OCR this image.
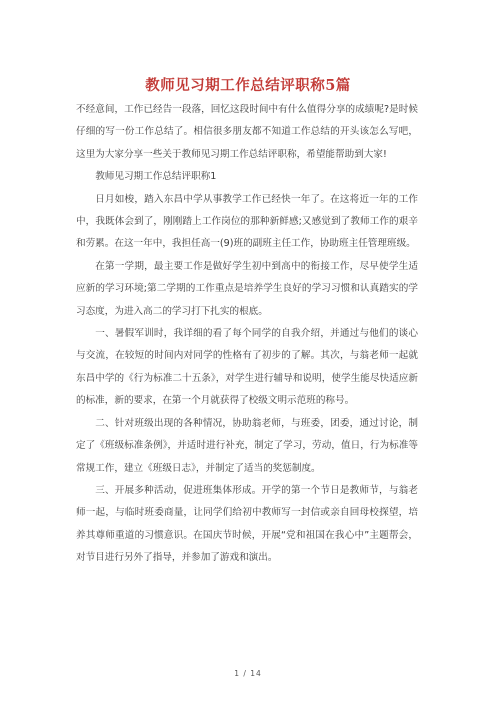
教师见习期工作总结评职称5篇

不经意间，工作已经告一段落，回忆这段时间中有什么值得分享的成绩呢?是时候仔细的写一份工作总结了。相信很多朋友都不知道工作总结的开头该怎么写吧，这里为大家分享一些关于教师见习期工作总结评职称，希望能帮助到大家!

教师见习期工作总结评职称1

日月如梭，踏入东昌中学从事教学工作已经快一年了。在这将近一年的工作中，我既体会到了，刚刚踏上工作岗位的那种新鲜感;又感觉到了教师工作的艰辛和劳累。在这一年中，我担任高一(9)班的副班主任工作，协助班主任管理班级。

在第一学期，最主要工作是做好学生初中到高中的衔接工作，尽早使学生适应新的学习环境;第二学期的工作重点是培养学生良好的学习习惯和认真踏实的学习态度，为进入高二的学习打下扎实的根底。

一、暑假军训时，我详细的看了每个同学的自我介绍，并通过与他们的谈心与交流，在较短的时间内对同学的性格有了初步的了解。其次，与翁老师一起就东昌中学的《行为标准二十五条》，对学生进行辅导和说明，使学生能尽快适应新的标准，新的要求，在第一个月就获得了校级文明示范班的称号。

二、针对班级出现的各种情况，协助翁老师，与班委，团委，通过讨论，制定了《班级标准条例》，并适时进行补充，制定了学习，劳动，值日，行为标准等常规工作，建立《班级日志》，并制定了适当的奖惩制度。

三、开展多种活动，促进班集体形成。开学的第一个节日是教师节，与翁老师一起，与临时班委商量，让同学们给初中教师写一封信或亲自回母校探望，培养其尊师重道的习惯意识。在国庆节时候，开展“党和祖国在我心中”主题帮会，对节目进行另外了指导，并参加了游戏和演出。

1 / 14
